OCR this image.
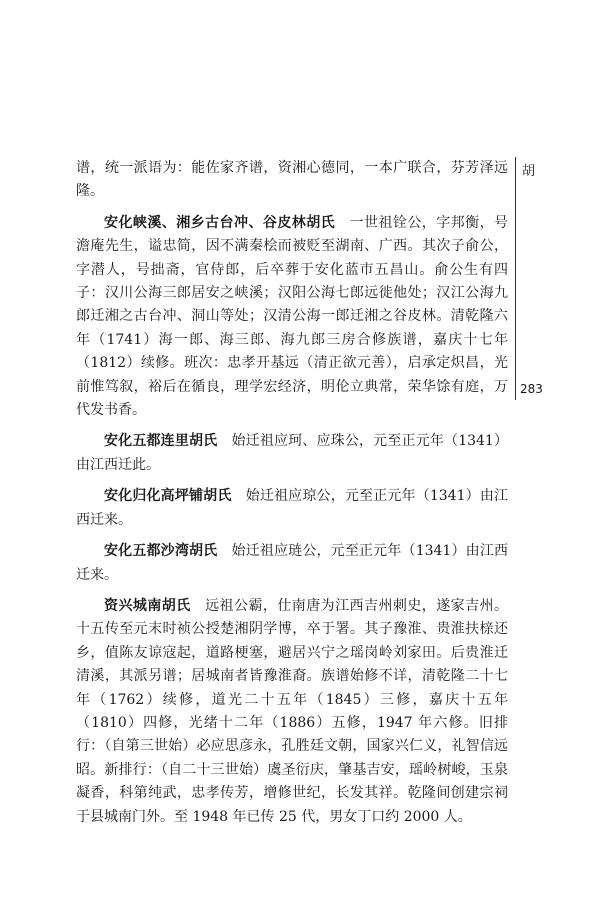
谱，统一派语为：能佐家齐谱，资湘心德同，一本广联合，芬芳泽远隆。

安化峡溪、湘乡古台冲、谷皮林胡氏  一世祖铨公，字邦衡，号澹庵先生，谥忠简，因不满秦桧而被贬至湖南、广西。其次子俞公，字潜人，号拙斋，官侍郎，后卒葬于安化蓝市五昌山。俞公生有四子：汉川公海三郎居安之峡溪；汉阳公海七郎远徙他处；汉江公海九郎迁湘之古台冲、洞山等处；汉清公海一郎迁湘之谷皮林。清乾隆六年（1741）海一郎、海三郎、海九郎三房合修族谱，嘉庆十七年（1812）续修。班次：忠孝开基远（清正欲元善），启承定炽昌，光前惟笃叙，裕后在循良，理学宏经济，明伦立典常，荣华馀有庭，万代发书香。

安化五都连里胡氏  始迁祖应珂、应珠公，元至正元年（1341）由江西迁此。

安化归化高坪铺胡氏  始迁祖应琼公，元至正元年（1341）由江西迁来。

安化五都沙湾胡氏  始迁祖应琏公，元至正元年（1341）由江西迁来。

资兴城南胡氏  远祖公霸，仕南唐为江西吉州刺史，遂家吉州。十五传至元末时祯公授楚湘阴学博，卒于署。其子豫淮、贵淮扶榇还乡，值陈友谅寇起，道路梗塞，避居兴宁之瑶岗岭刘家田。后贵淮迁清溪，其派另谱；居城南者皆豫淮裔。族谱始修不详，清乾隆二十七年（1762）续修，道光二十五年（1845）三修，嘉庆十五年（1810）四修，光绪十二年（1886）五修，1947 年六修。旧排行：（自第三世始）必应思彦永，孔胜廷文朝，国家兴仁义，礼智信远昭。新排行：（自二十三世始）虞圣衍庆，肇基吉安，瑶岭树峻，玉泉凝香，科第纯武，忠孝传芳，增修世纪，长发其祥。乾隆间创建宗祠于县城南门外。至 1948 年已传 25 代，男女丁口约 2000 人。

胡
283
